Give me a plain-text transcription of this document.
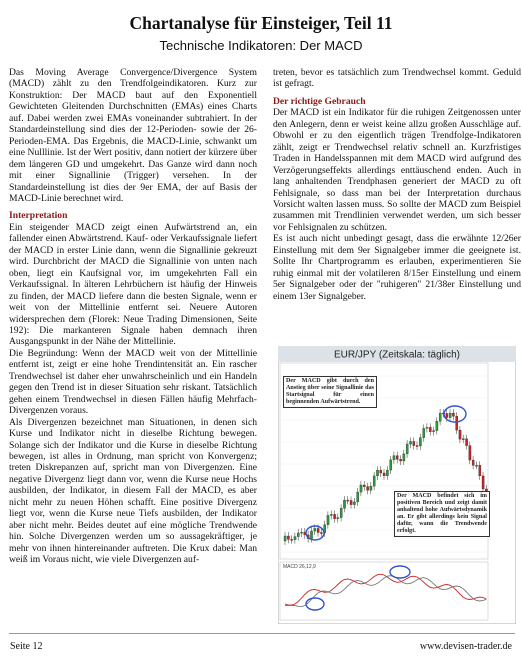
Chartanalyse für Einsteiger, Teil 11
Technische Indikatoren: Der MACD

Das Moving Average Convergence/Divergence System (MACD) zählt zu den Trendfolgeindikatoren. Kurz zur Konstruktion: Der MACD baut auf den Exponentiell Gewichteten Gleitenden Durchschnitten (EMAs) eines Charts auf. Dabei werden zwei EMAs voneinander subtrahiert. In der Standardeinstellung sind dies der 12-Perioden- sowie der 26-Perioden-EMA. Das Ergebnis, die MACD-Linie, schwankt um eine Nulllinie. Ist der Wert positiv, dann notiert der kürzere über dem längeren GD und umgekehrt. Das Ganze wird dann noch mit einer Signallinie (Trigger) versehen. In der Standardeinstellung ist dies der 9er EMA, der auf Basis der MACD-Linie berechnet wird.

Interpretation

Ein steigender MACD zeigt einen Aufwärtstrend an, ein fallender einen Abwärtstrend. Kauf- oder Verkaufssignale liefert der MACD in erster Linie dann, wenn die Signallinie gekreuzt wird. Durchbricht der MACD die Signallinie von unten nach oben, liegt ein Kaufsignal vor, im umgekehrten Fall ein Verkaufssignal. In älteren Lehrbüchern ist häufig der Hinweis zu finden, der MACD liefere dann die besten Signale, wenn er weit von der Mittellinie entfernt sei. Neuere Autoren widersprechen dem (Florek: Neue Trading Dimensionen, Seite 192): Die markanteren Signale haben demnach ihren Ausgangspunkt in der Nähe der Mittellinie.

Die Begründung: Wenn der MACD weit von der Mittellinie entfernt ist, zeigt er eine hohe Trendintensität an. Ein rascher Trendwechsel ist daher eher unwahrscheinlich und ein Handeln gegen den Trend ist in dieser Situation sehr riskant. Tatsächlich gehen einem Trendwechsel in diesen Fällen häufig Mehrfach-Divergenzen voraus.

Als Divergenzen bezeichnet man Situationen, in denen sich Kurse und Indikator nicht in dieselbe Richtung bewegen. Solange sich der Indikator und die Kurse in dieselbe Richtung bewegen, ist alles in Ordnung, man spricht von Konvergenz; treten Diskrepanzen auf, spricht man von Divergenzen. Eine negative Divergenz liegt dann vor, wenn die Kurse neue Hochs ausbilden, der Indikator, in diesem Fall der MACD, es aber nicht mehr zu neuen Höhen schafft. Eine positive Divergenz liegt vor, wenn die Kurse neue Tiefs ausbilden, der Indikator aber nicht mehr. Beides deutet auf eine mögliche Trendwende hin. Solche Divergenzen werden um so aussagekräftiger, je mehr von ihnen hintereinander auftreten. Die Krux dabei: Man weiß im Voraus nicht, wie viele Divergenzen auf-

treten, bevor es tatsächlich zum Trendwechsel kommt. Geduld ist gefragt.

Der richtige Gebrauch

Der MACD ist ein Indikator für die ruhigen Zeitgenossen unter den Anlegern, denn er weist keine allzu großen Ausschläge auf. Obwohl er zu den eigentlich trägen Trendfolge-Indikatoren zählt, zeigt er Trendwechsel relativ schnell an. Kurzfristiges Traden in Handelsspannen mit dem MACD wird aufgrund des Verzögerungseffekts allerdings enttäuschend enden. Auch in lang anhaltenden Trendphasen generiert der MACD zu oft Fehlsignale, so dass man bei der Interpretation durchaus Vorsicht walten lassen muss. So sollte der MACD zum Beispiel zusammen mit Trendlinien verwendet werden, um sich besser vor Fehlsignalen zu schützen.

Es ist auch nicht unbedingt gesagt, dass die erwähnte 12/26er Einstellung mit dem 9er Signalgeber immer die geeignete ist. Sollte Ihr Chartprogramm es erlauben, experimentieren Sie ruhig einmal mit der volatileren 8/15er Einstellung und einem 5er Signalgeber oder der "ruhigeren" 21/38er Einstellung und einem 13er Signalgeber.

EUR/JPY (Zeitskala: täglich)
MACD 26,12,9
Der MACD gibt durch den Anstieg über seine Signallinie das Startsignal für einen beginnenden Aufwärtstrend.
Der MACD befindet sich im positiven Bereich und zeigt damit anhaltend hohe Aufwärtsdynamik an. Er gibt allerdings kein Signal dafür, wann die Trendwende erfolgt.
Seite 12	www.devisen-trader.de
